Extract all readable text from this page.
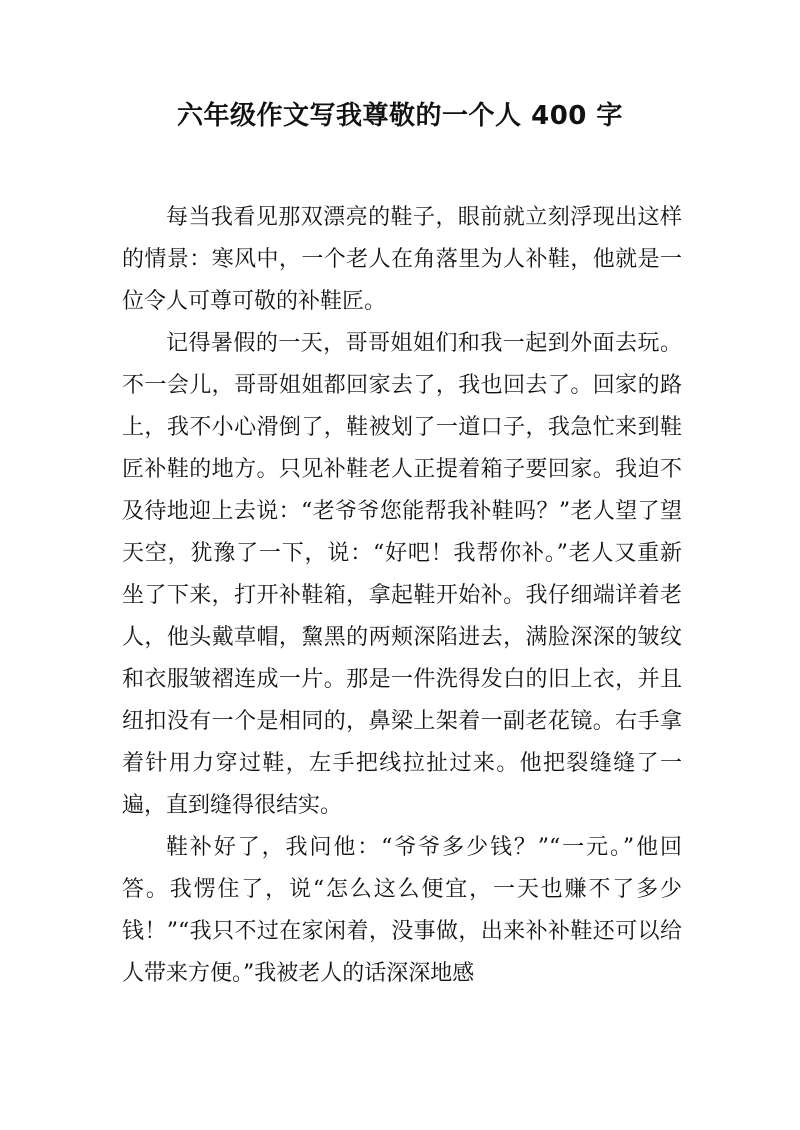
六年级作文写我尊敬的一个人 400 字

每当我看见那双漂亮的鞋子，眼前就立刻浮现出这样的情景：寒风中，一个老人在角落里为人补鞋，他就是一位令人可尊可敬的补鞋匠。

记得暑假的一天，哥哥姐姐们和我一起到外面去玩。不一会儿，哥哥姐姐都回家去了，我也回去了。回家的路上，我不小心滑倒了，鞋被划了一道口子，我急忙来到鞋匠补鞋的地方。只见补鞋老人正提着箱子要回家。我迫不及待地迎上去说：“老爷爷您能帮我补鞋吗？”老人望了望天空，犹豫了一下，说：“好吧！我帮你补。”老人又重新坐了下来，打开补鞋箱，拿起鞋开始补。我仔细端详着老人，他头戴草帽，黧黑的两颊深陷进去，满脸深深的皱纹和衣服皱褶连成一片。那是一件洗得发白的旧上衣，并且纽扣没有一个是相同的，鼻梁上架着一副老花镜。右手拿着针用力穿过鞋，左手把线拉扯过来。他把裂缝缝了一遍，直到缝得很结实。

鞋补好了，我问他：“爷爷多少钱？”“一元。”他回答。我愣住了，说“怎么这么便宜，一天也赚不了多少钱！”“我只不过在家闲着，没事做，出来补补鞋还可以给人带来方便。”我被老人的话深深地感
